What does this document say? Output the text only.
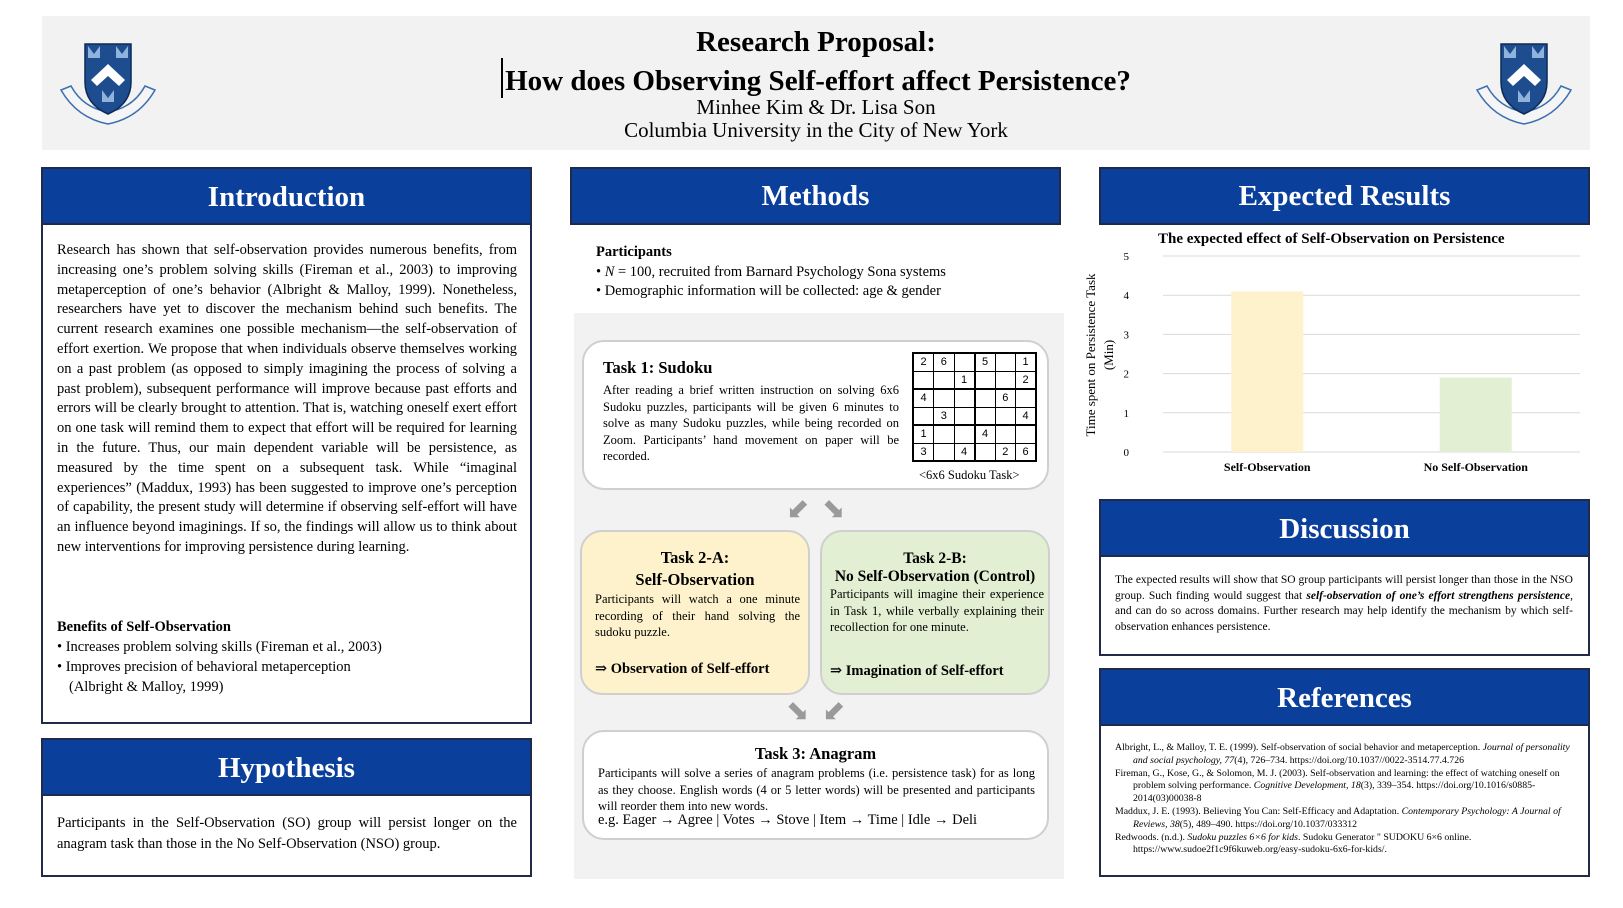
Research Proposal:
How does Observing Self-effort affect Persistence?
Minhee Kim & Dr. Lisa Son
Columbia University in the City of New York
Introduction
Research has shown that self-observation provides numerous benefits, from increasing one’s problem solving skills (Fireman et al., 2003) to improving metaperception of one’s behavior (Albright & Malloy, 1999). Nonetheless, researchers have yet to discover the mechanism behind such benefits. The current research examines one possible mechanism—the self-observation of effort exertion. We propose that when individuals observe themselves working on a past problem (as opposed to simply imagining the process of solving a past problem), subsequent performance will improve because past efforts and errors will be clearly brought to attention. That is, watching oneself exert effort on one task will remind them to expect that effort will be required for learning in the future. Thus, our main dependent variable will be persistence, as measured by the time spent on a subsequent task. While “imaginal experiences” (Maddux, 1993) has been suggested to improve one’s perception of capability, the present study will determine if observing self-effort will have an influence beyond imaginings. If so, the findings will allow us to think about new interventions for improving persistence during learning.
Benefits of Self-Observation
• Increases problem solving skills (Fireman et al., 2003)
• Improves precision of behavioral metaperception
(Albright & Malloy, 1999)
Hypothesis
Participants in the Self-Observation (SO) group will persist longer on the anagram task than those in the No Self-Observation (NSO) group.
Methods
Participants
• N = 100, recruited from Barnard Psychology Sona systems
• Demographic information will be collected: age & gender
Task 1: Sudoku
After reading a brief written instruction on solving 6x6 Sudoku puzzles, participants will be given 6 minutes to solve as many Sudoku puzzles, while being recorded on Zoom. Participants’ hand movement on paper will be recorded.
2	6		5		1
		1			2
4				6	
	3				4
1			4		
3		4		2	6
<6x6 Sudoku Task>
⬋ ⬊
Task 2-A:
Self-Observation
Participants will watch a one minute recording of their hand solving the sudoku puzzle.
⇒ Observation of Self-effort
Task 2-B:
No Self-Observation (Control)
Participants will imagine their experience in Task 1, while verbally explaining their recollection for one minute.
⇒ Imagination of Self-effort
⬊ ⬋
Task 3: Anagram
Participants will solve a series of anagram problems (i.e. persistence task) for as long as they choose. English words (4 or 5 letter words) will be presented and participants will reorder them into new words.
e.g. Eager → Agree | Votes → Stove | Item → Time | Idle → Deli
Expected Results
The expected effect of Self-Observation on Persistence
0
1
2
3
4
5
Self-Observation	No Self-Observation
Time spent on Persistence Task (Min)
Discussion
The expected results will show that SO group participants will persist longer than those in the NSO group. Such finding would suggest that self-observation of one’s effort strengthens persistence, and can do so across domains. Further research may help identify the mechanism by which self-observation enhances persistence.
References

Albright, L., & Malloy, T. E. (1999). Self-observation of social behavior and metaperception. Journal of personality and social psychology, 77(4), 726–734. https://doi.org/10.1037//0022-3514.77.4.726

Fireman, G., Kose, G., & Solomon, M. J. (2003). Self-observation and learning: the effect of watching oneself on problem solving performance. Cognitive Development, 18(3), 339–354. https://doi.org/10.1016/s0885-2014(03)00038-8

Maddux, J. E. (1993). Believing You Can: Self-Efficacy and Adaptation. Contemporary Psychology: A Journal of Reviews, 38(5), 489–490. https://doi.org/10.1037/033312

Redwoods. (n.d.). Sudoku puzzles 6×6 for kids. Sudoku Generator " SUDOKU 6×6 online. https://www.sudoe2f1c9f6kuweb.org/easy-sudoku-6x6-for-kids/.
